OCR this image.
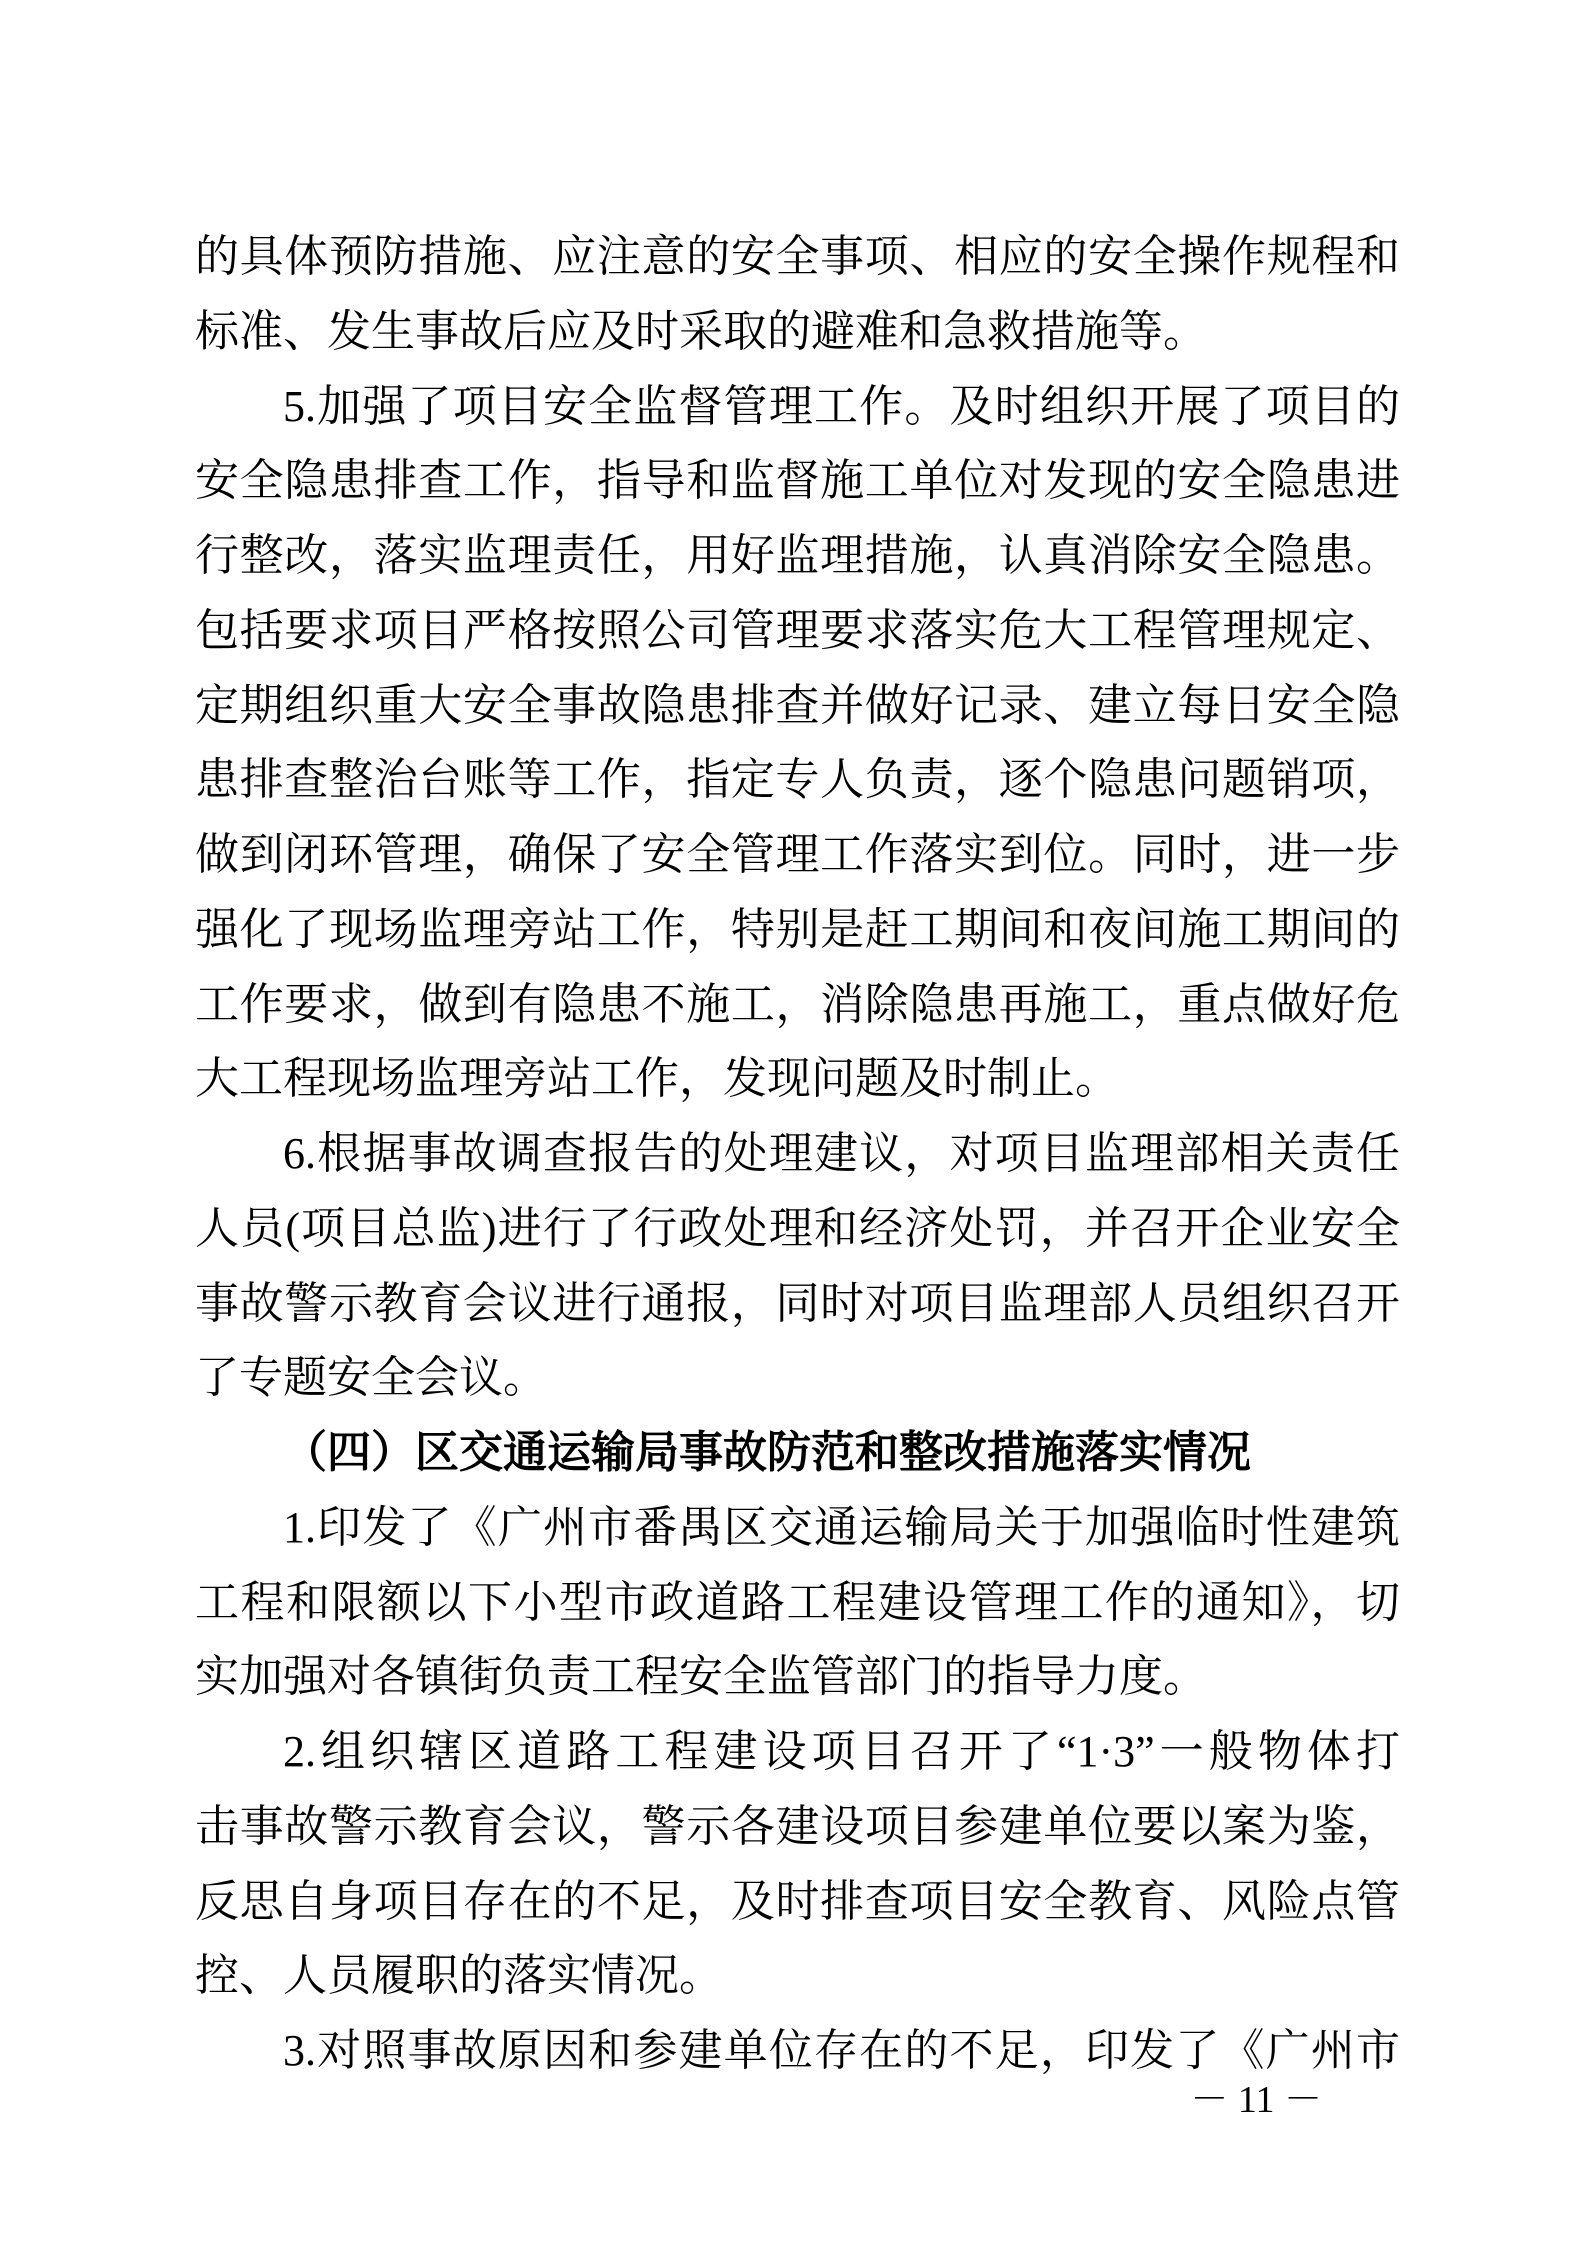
的具体预防措施、应注意的安全事项、相应的安全操作规程和
标准、发生事故后应及时采取的避难和急救措施等。
5.加强了项目安全监督管理工作。及时组织开展了项目的
安全隐患排查工作，指导和监督施工单位对发现的安全隐患进
行整改，落实监理责任，用好监理措施，认真消除安全隐患。
包括要求项目严格按照公司管理要求落实危大工程管理规定、
定期组织重大安全事故隐患排查并做好记录、建立每日安全隐
患排查整治台账等工作，指定专人负责，逐个隐患问题销项，
做到闭环管理，确保了安全管理工作落实到位。同时，进一步
强化了现场监理旁站工作，特别是赶工期间和夜间施工期间的
工作要求，做到有隐患不施工，消除隐患再施工，重点做好危
大工程现场监理旁站工作，发现问题及时制止。
6.根据事故调查报告的处理建议，对项目监理部相关责任
人员(项目总监)进行了行政处理和经济处罚，并召开企业安全
事故警示教育会议进行通报，同时对项目监理部人员组织召开
了专题安全会议。
（四）区交通运输局事故防范和整改措施落实情况
1.印发了《广州市番禺区交通运输局关于加强临时性建筑
工程和限额以下小型市政道路工程建设管理工作的通知》，切
实加强对各镇街负责工程安全监管部门的指导力度。
2.组织辖区道路工程建设项目召开了“1·3”一般物体打
击事故警示教育会议，警示各建设项目参建单位要以案为鉴，
反思自身项目存在的不足，及时排查项目安全教育、风险点管
控、人员履职的落实情况。
3.对照事故原因和参建单位存在的不足，印发了《广州市
－ 11 －
